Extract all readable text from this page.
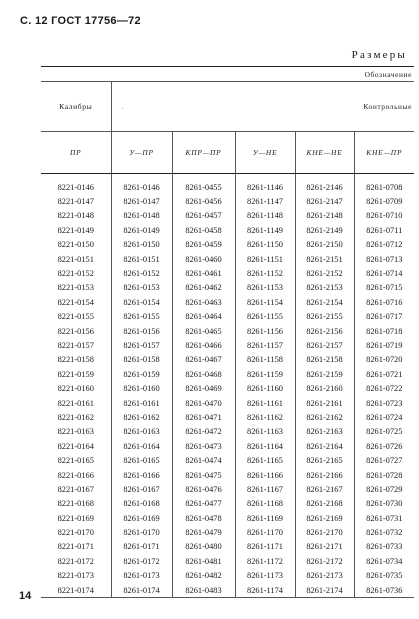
С. 12 ГОСТ 17756—72
Размеры
Обозначение					
Калибры	. Контрольные				
ПР	У—ПР	КПР—ПР	У—НЕ	КНЕ—НЕ	КНЕ—ПР

8221-0146	8261-0146	8261-0455	8261-1146	8261-2146	8261-0708
8221-0147	8261-0147	8261-0456	8261-1147	8261-2147	8261-0709
8221-0148	8261-0148	8261-0457	8261-1148	8261-2148	8261-0710
8221-0149	8261-0149	8261-0458	8261-1149	8261-2149	8261-0711
8221-0150	8261-0150	8261-0459	8261-1150	8261-2150	8261-0712
8221-0151	8261-0151	8261-0460	8261-1151	8261-2151	8261-0713
8221-0152	8261-0152	8261-0461	8261-1152	8261-2152	8261-0714
8221-0153	8261-0153	8261-0462	8261-1153	8261-2153	8261-0715
8221-0154	8261-0154	8261-0463	8261-1154	8261-2154	8261-0716
8221-0155	8261-0155	8261-0464	8261-1155	8261-2155	8261-0717
8221-0156	8261-0156	8261-0465	8261-1156	8261-2156	8261-0718
8221-0157	8261-0157	8261-0466	8261-1157	8261-2157	8261-0719
8221-0158	8261-0158	8261-0467	8261-1158	8261-2158	8261-0720
8221-0159	8261-0159	8261-0468	8261-1159	8261-2159	8261-0721
8221-0160	8261-0160	8261-0469	8261-1160	8261-2160	8261-0722
8221-0161	8261-0161	8261-0470	8261-1161	8261-2161	8261-0723
8221-0162	8261-0162	8261-0471	8261-1162	8261-2162	8261-0724
8221-0163	8261-0163	8261-0472	8261-1163	8261-2163	8261-0725
8221-0164	8261-0164	8261-0473	8261-1164	8261-2164	8261-0726
8221-0165	8261-0165	8261-0474	8261-1165	8261-2165	8261-0727
8221-0166	8261-0166	8261-0475	8261-1166	8261-2166	8261-0728
8221-0167	8261-0167	8261-0476	8261-1167	8261-2167	8261-0729
8221-0168	8261-0168	8261-0477	8261-1168	8261-2168	8261-0730
8221-0169	8261-0169	8261-0478	8261-1169	8261-2169	8261-0731
8221-0170	8261-0170	8261-0479	8261-1170	8261-2170	8261-0732
8221-0171	8261-0171	8261-0480	8261-1171	8261-2171	8261-0733
8221-0172	8261-0172	8261-0481	8261-1172	8261-2172	8261-0734
8221-0173	8261-0173	8261-0482	8261-1173	8261-2173	8261-0735
8221-0174	8261-0174	8261-0483	8261-1174	8261-2174	8261-0736
14
